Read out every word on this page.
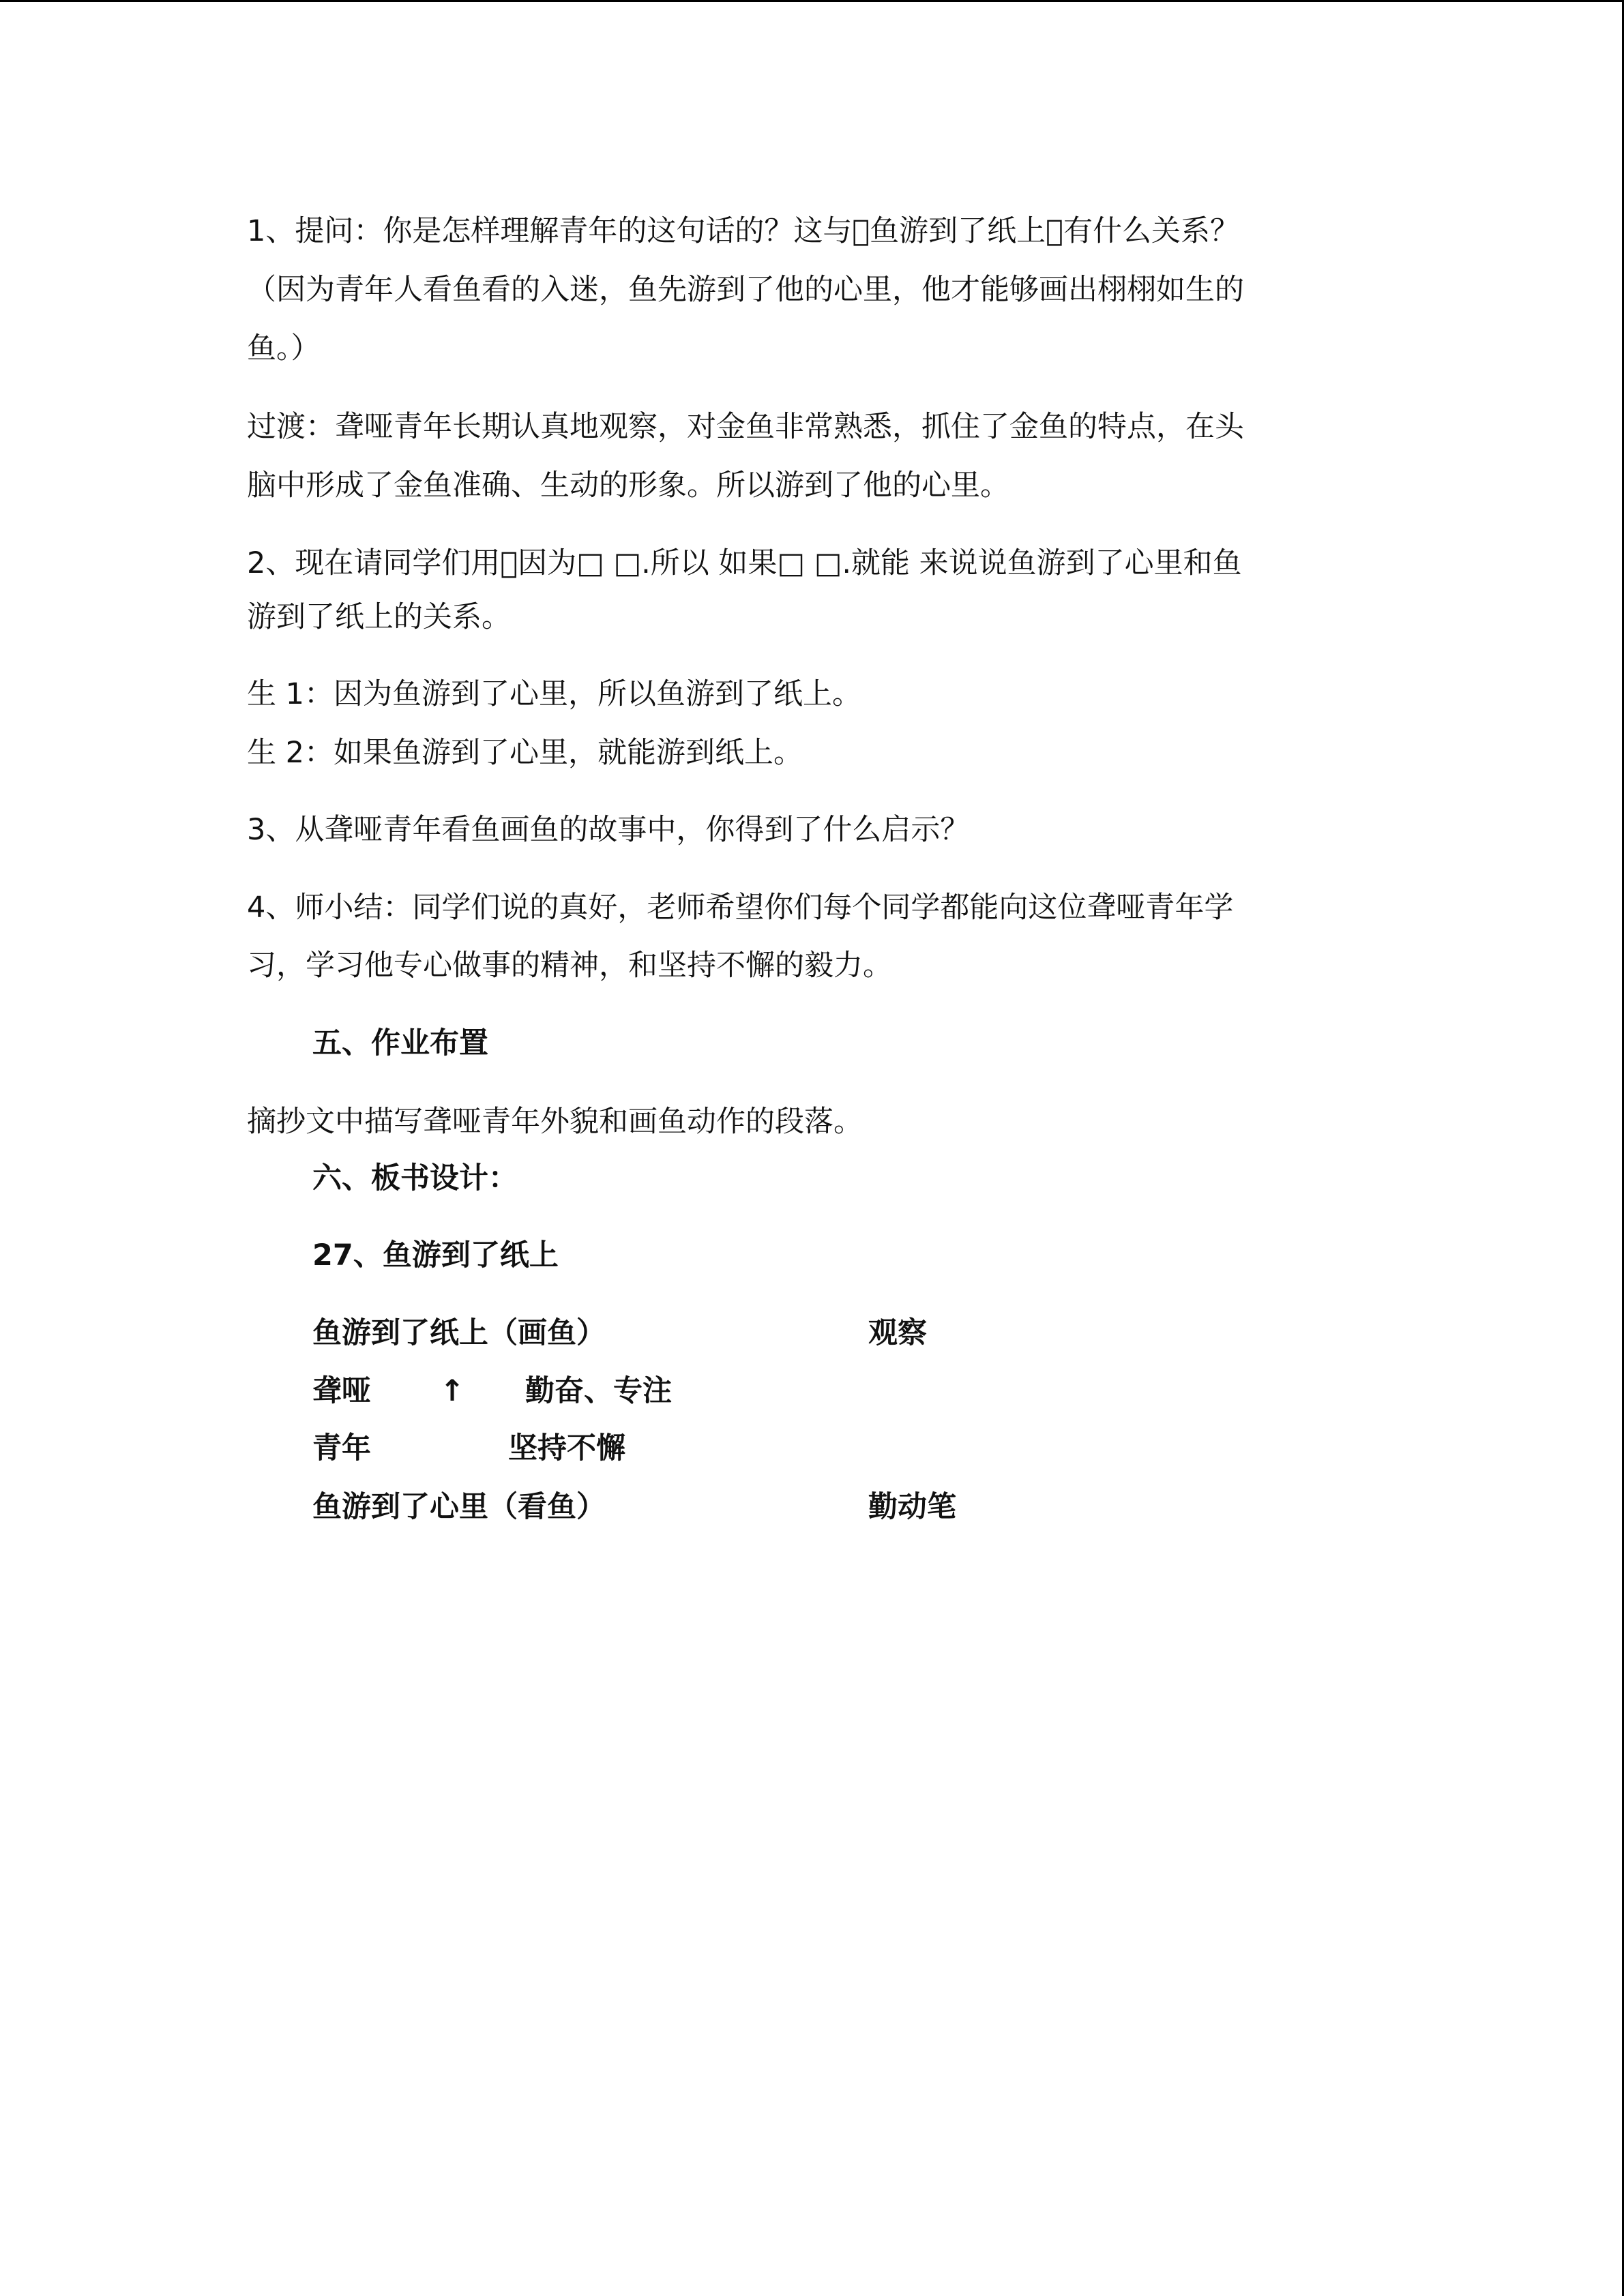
1、提问：你是怎样理解青年的这句话的？这与 鱼游到了纸上 有什么关系？

（因为青年人看鱼看的入迷，鱼先游到了他的心里，他才能够画出栩栩如生的

鱼。）

过渡：聋哑青年长期认真地观察，对金鱼非常熟悉，抓住了金鱼的特点，在头

脑中形成了金鱼准确、生动的形象。所以游到了他的心里。

2、现在请同学们用 因为□ □.所以 如果□ □.就能 来说说鱼游到了心里和鱼

游到了纸上的关系。

生 1：因为鱼游到了心里，所以鱼游到了纸上。

生 2：如果鱼游到了心里，就能游到纸上。

3、从聋哑青年看鱼画鱼的故事中，你得到了什么启示？

4、师小结：同学们说的真好，老师希望你们每个同学都能向这位聋哑青年学

习，学习他专心做事的精神，和坚持不懈的毅力。

五、作业布置

摘抄文中描写聋哑青年外貌和画鱼动作的段落。

六、板书设计：

27、鱼游到了纸上

鱼游到了纸上（画鱼）	观察

聋哑 ↑ 勤奋、专注

青年	坚持不懈

鱼游到了心里（看鱼）	勤动笔
